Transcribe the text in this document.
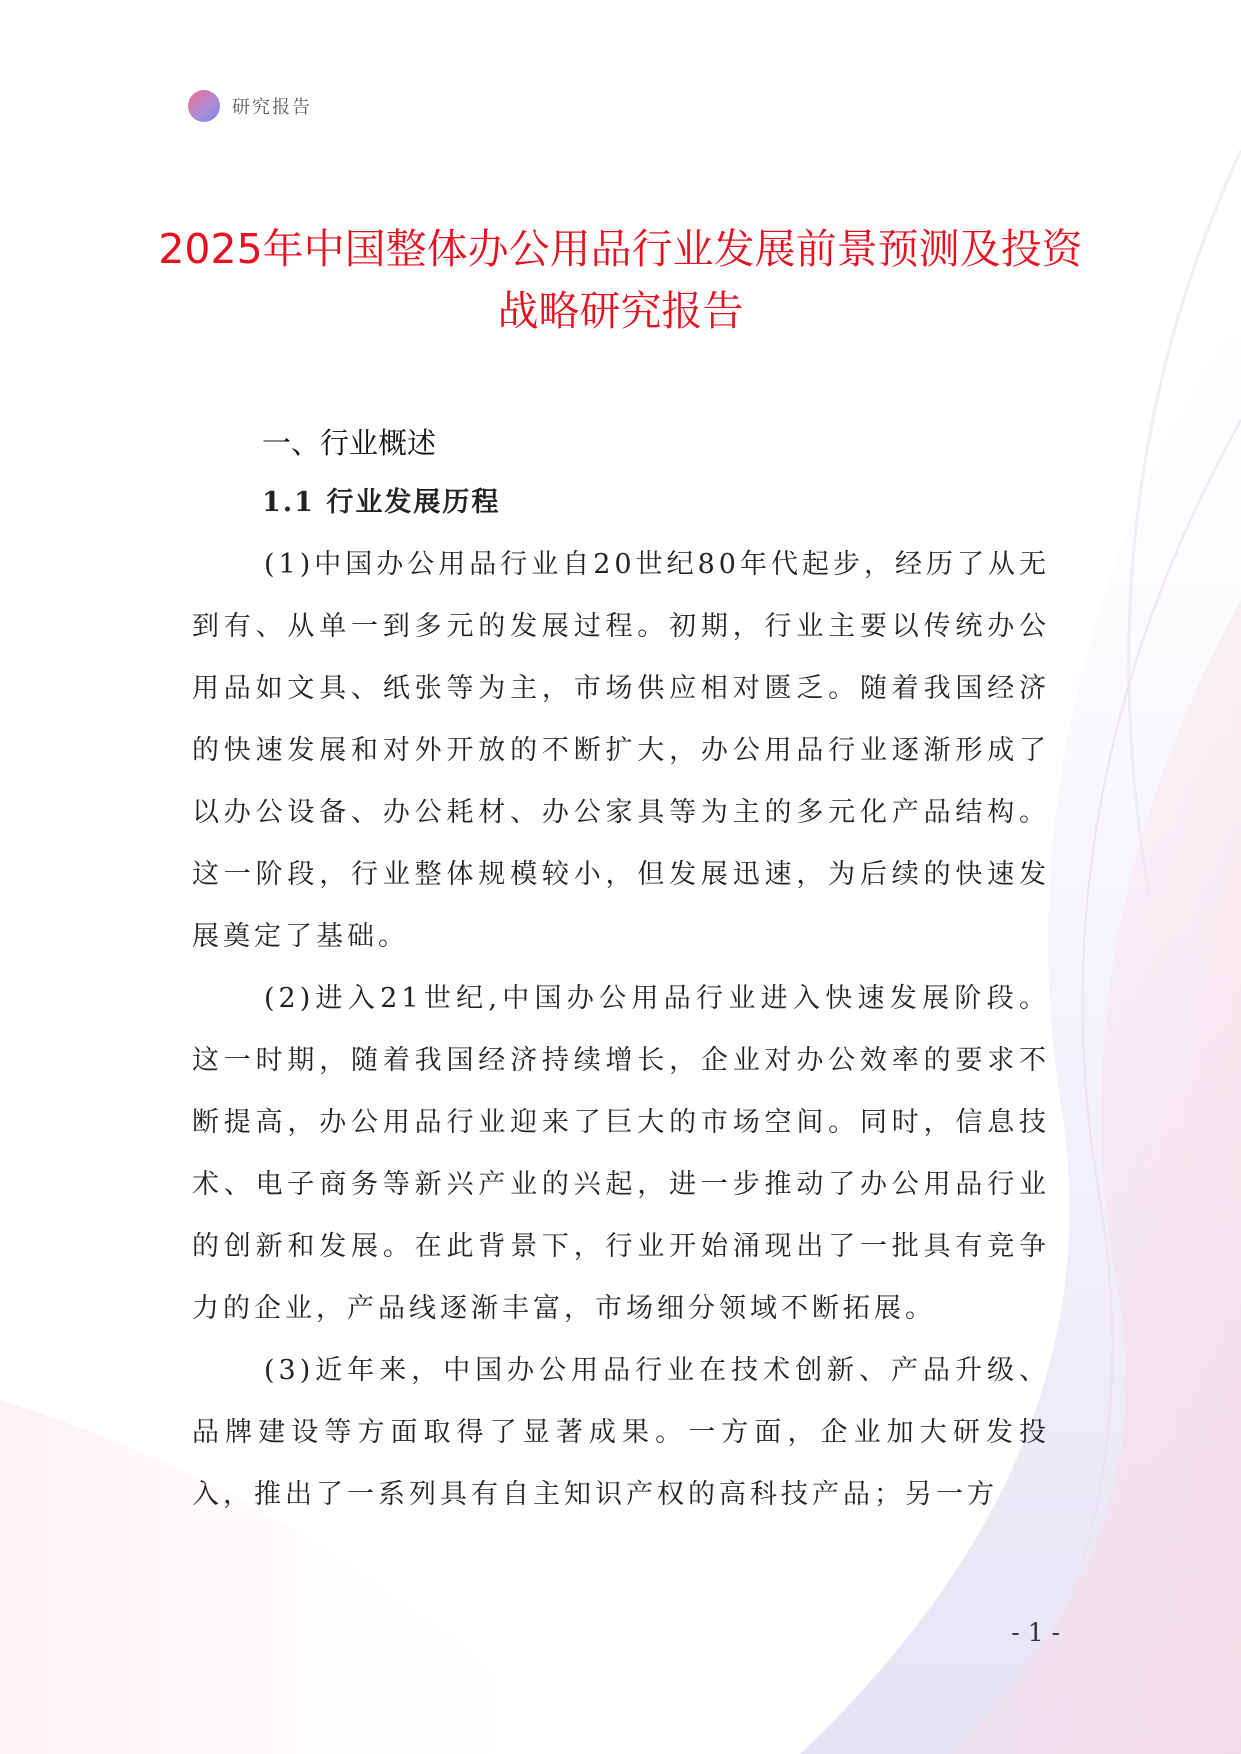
研究报告
2025年中国整体办公用品行业发展前景预测及投资战略研究报告
一、行业概述
1.1 行业发展历程

(1)中国办公用品行业自20世纪80年代起步，经历了从无到有、从单一到多元的发展过程。初期，行业主要以传统办公用品如文具、纸张等为主，市场供应相对匮乏。随着我国经济的快速发展和对外开放的不断扩大，办公用品行业逐渐形成了以办公设备、办公耗材、办公家具等为主的多元化产品结构。这一阶段，行业整体规模较小，但发展迅速，为后续的快速发展奠定了基础。

(2)进入21世纪,中国办公用品行业进入快速发展阶段。这一时期，随着我国经济持续增长，企业对办公效率的要求不断提高，办公用品行业迎来了巨大的市场空间。同时，信息技术、电子商务等新兴产业的兴起，进一步推动了办公用品行业的创新和发展。在此背景下，行业开始涌现出了一批具有竞争力的企业，产品线逐渐丰富，市场细分领域不断拓展。

(3)近年来，中国办公用品行业在技术创新、产品升级、品牌建设等方面取得了显著成果。一方面，企业加大研发投入，推出了一系列具有自主知识产权的高科技产品；另一方

- 1 -
